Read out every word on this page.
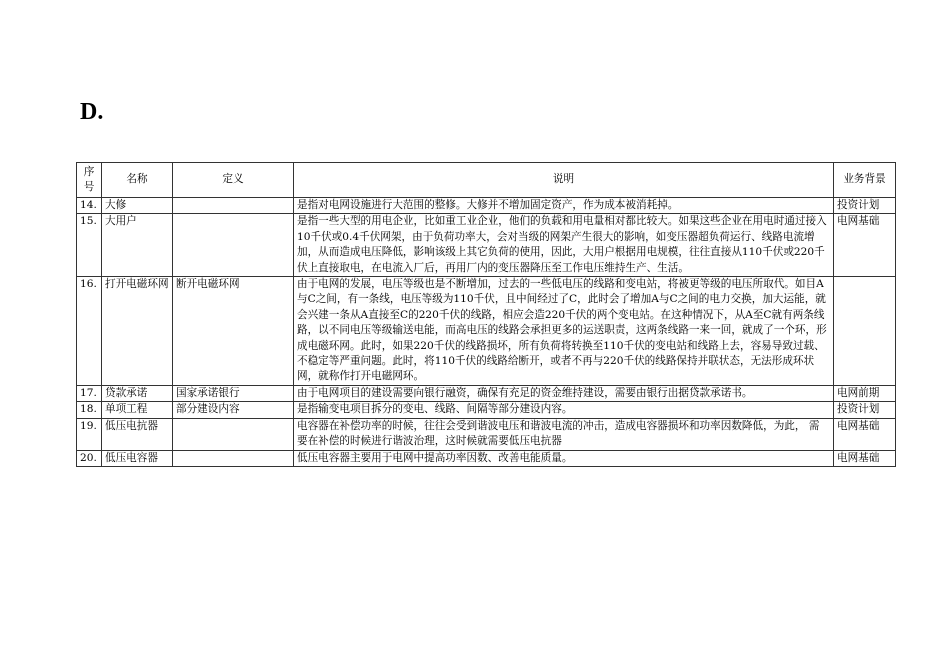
D.
序号	名称	定义	说明	业务背景
14.	大修		是指对电网设施进行大范围的整修。大修并不增加固定资产，作为成本被消耗掉。	投资计划
15.	大用户		是指一些大型的用电企业，比如重工业企业，他们的负载和用电量相对都比较大。如果这些企业在用电时通过接入10千伏或0.4千伏网架，由于负荷功率大，会对当级的网架产生很大的影响，如变压器超负荷运行、线路电流增加，从而造成电压降低，影响该级上其它负荷的使用，因此，大用户根据用电规模，往往直接从110千伏或220千伏上直接取电，在电流入厂后，再用厂内的变压器降压至工作电压维持生产、生活。	电网基础
16.	打开电磁环网	断开电磁环网	由于电网的发展，电压等级也是不断增加，过去的一些低电压的线路和变电站，将被更等级的电压所取代。如目A与C之间，有一条线，电压等级为110千伏，且中间经过了C，此时会了增加A与C之间的电力交换，加大运能，就会兴建一条从A直接至C的220千伏的线路，相应会造220千伏的两个变电站。在这种情况下，从A至C就有两条线路，以不同电压等级输送电能，而高电压的线路会承担更多的运送职责，这两条线路一来一回，就成了一个环，形成电磁环网。此时，如果220千伏的线路损坏，所有负荷将转换至110千伏的变电站和线路上去，容易导致过载、不稳定等严重问题。此时，将110千伏的线路给断开，或者不再与220千伏的线路保持并联状态，无法形成环状网，就称作打开电磁网环。	
17.	贷款承诺	国家承诺银行	由于电网项目的建设需要向银行融资，确保有充足的资金维持建设，需要由银行出据贷款承诺书。	电网前期
18.	单项工程	部分建设内容	是指输变电项目拆分的变电、线路、间隔等部分建设内容。	投资计划
19.	低压电抗器		电容器在补偿功率的时候，往往会受到谐波电压和谐波电流的冲击，造成电容器损坏和功率因数降低，为此， 需要在补偿的时候进行谐波治理，这时候就需要低压电抗器	电网基础
20.	低压电容器		低压电容器主要用于电网中提高功率因数、改善电能质量。	电网基础
